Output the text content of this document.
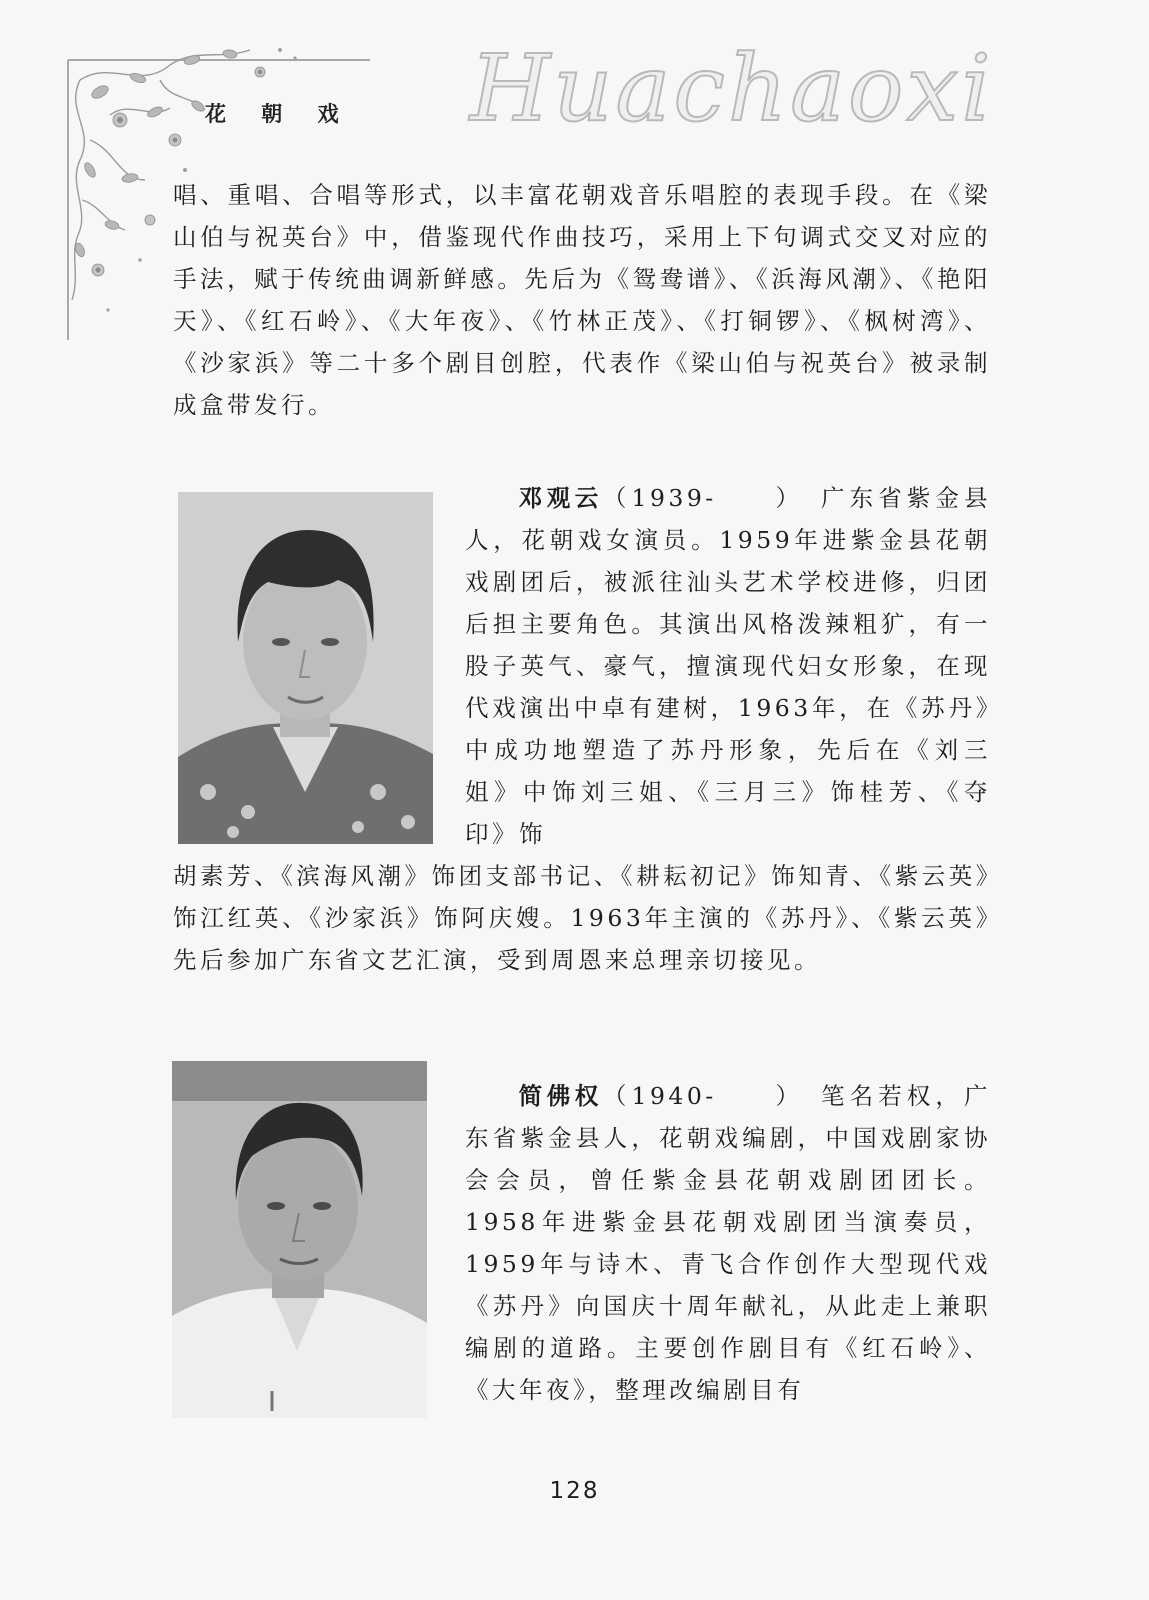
Huachaoxi
花 朝 戏

唱、重唱、合唱等形式，以丰富花朝戏音乐唱腔的表现手段。在《梁山伯与祝英台》中，借鉴现代作曲技巧，采用上下句调式交叉对应的手法，赋于传统曲调新鲜感。先后为《鸳鸯谱》、《浜海风潮》、《艳阳天》、《红石岭》、《大年夜》、《竹林正茂》、《打铜锣》、《枫树湾》、《沙家浜》等二十多个剧目创腔，代表作《梁山伯与祝英台》被录制成盒带发行。

邓观云（1939-　　）  广东省紫金县人，花朝戏女演员。1959年进紫金县花朝戏剧团后，被派往汕头艺术学校进修，归团后担主要角色。其演出风格泼辣粗犷，有一股子英气、豪气，擅演现代妇女形象，在现代戏演出中卓有建树，1963年，在《苏丹》中成功地塑造了苏丹形象，先后在《刘三姐》中饰刘三姐、《三月三》饰桂芳、《夺印》饰

胡素芳、《滨海风潮》饰团支部书记、《耕耘初记》饰知青、《紫云英》饰江红英、《沙家浜》饰阿庆嫂。1963年主演的《苏丹》、《紫云英》先后参加广东省文艺汇演，受到周恩来总理亲切接见。

简佛权（1940-　　）  笔名若权，广东省紫金县人，花朝戏编剧，中国戏剧家协会会员，曾任紫金县花朝戏剧团团长。1958年进紫金县花朝戏剧团当演奏员，1959年与诗木、青飞合作创作大型现代戏《苏丹》向国庆十周年献礼，从此走上兼职编剧的道路。主要创作剧目有《红石岭》、《大年夜》，整理改编剧目有

128
